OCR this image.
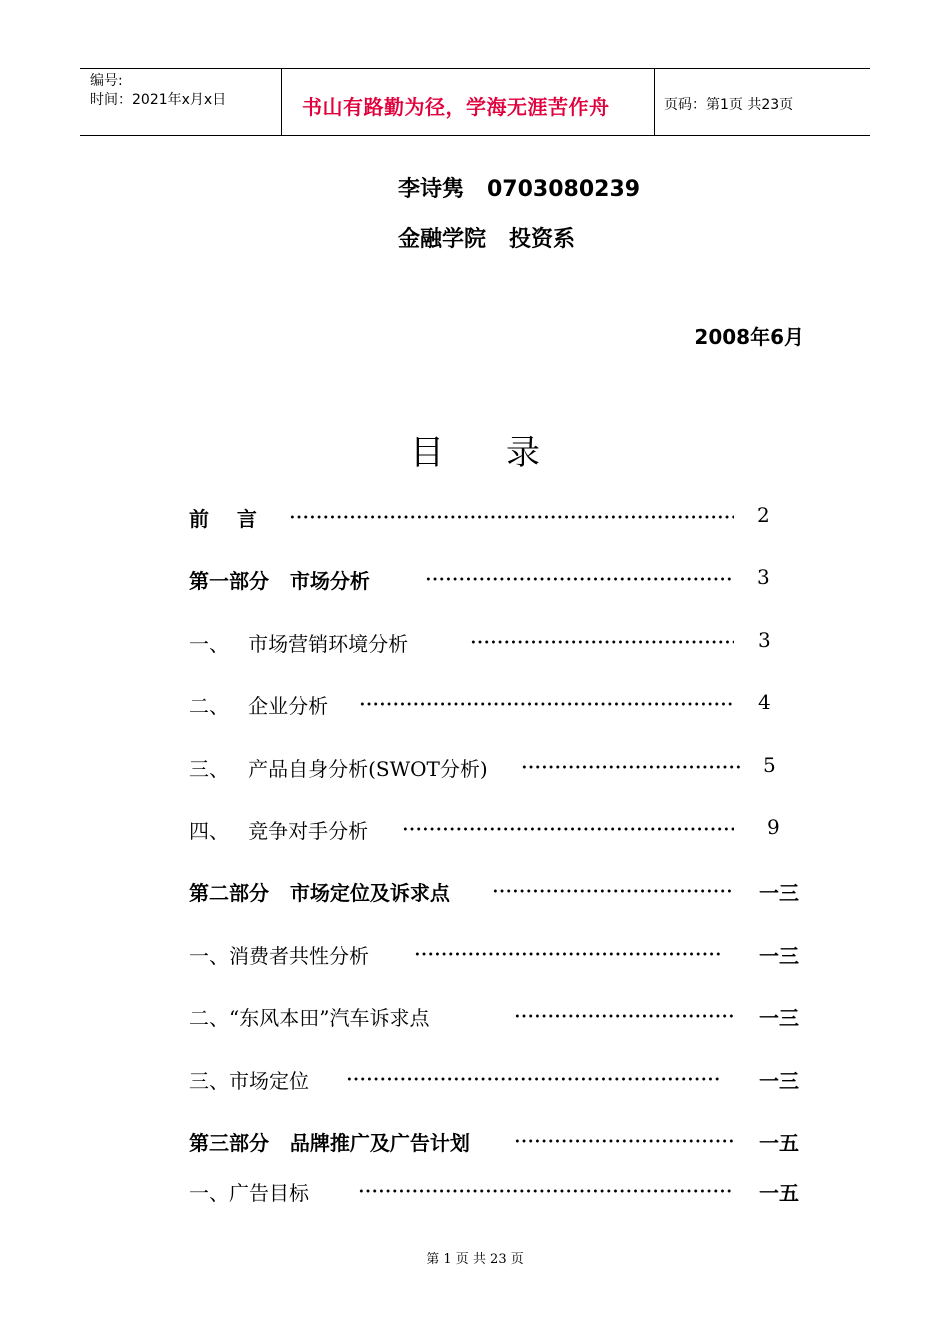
编号:
时间：2021年x月x日	书山有路勤为径，学海无涯苦作舟	页码：第1页 共23页
李诗隽   0703080239
金融学院   投资系
2008年6月
目 录
前    言	2
第一部分   市场分析	3
一、   市场营销环境分析	3
二、   企业分析	4
三、   产品自身分析(SWOT分析)	5
四、   竞争对手分析	9
第二部分   市场定位及诉求点	一三
一、消费者共性分析	一三
二、“东风本田”汽车诉求点	一三
三、市场定位	一三
第三部分   品牌推广及广告计划	一五
一、广告目标	一五
第 1 页 共 23 页
